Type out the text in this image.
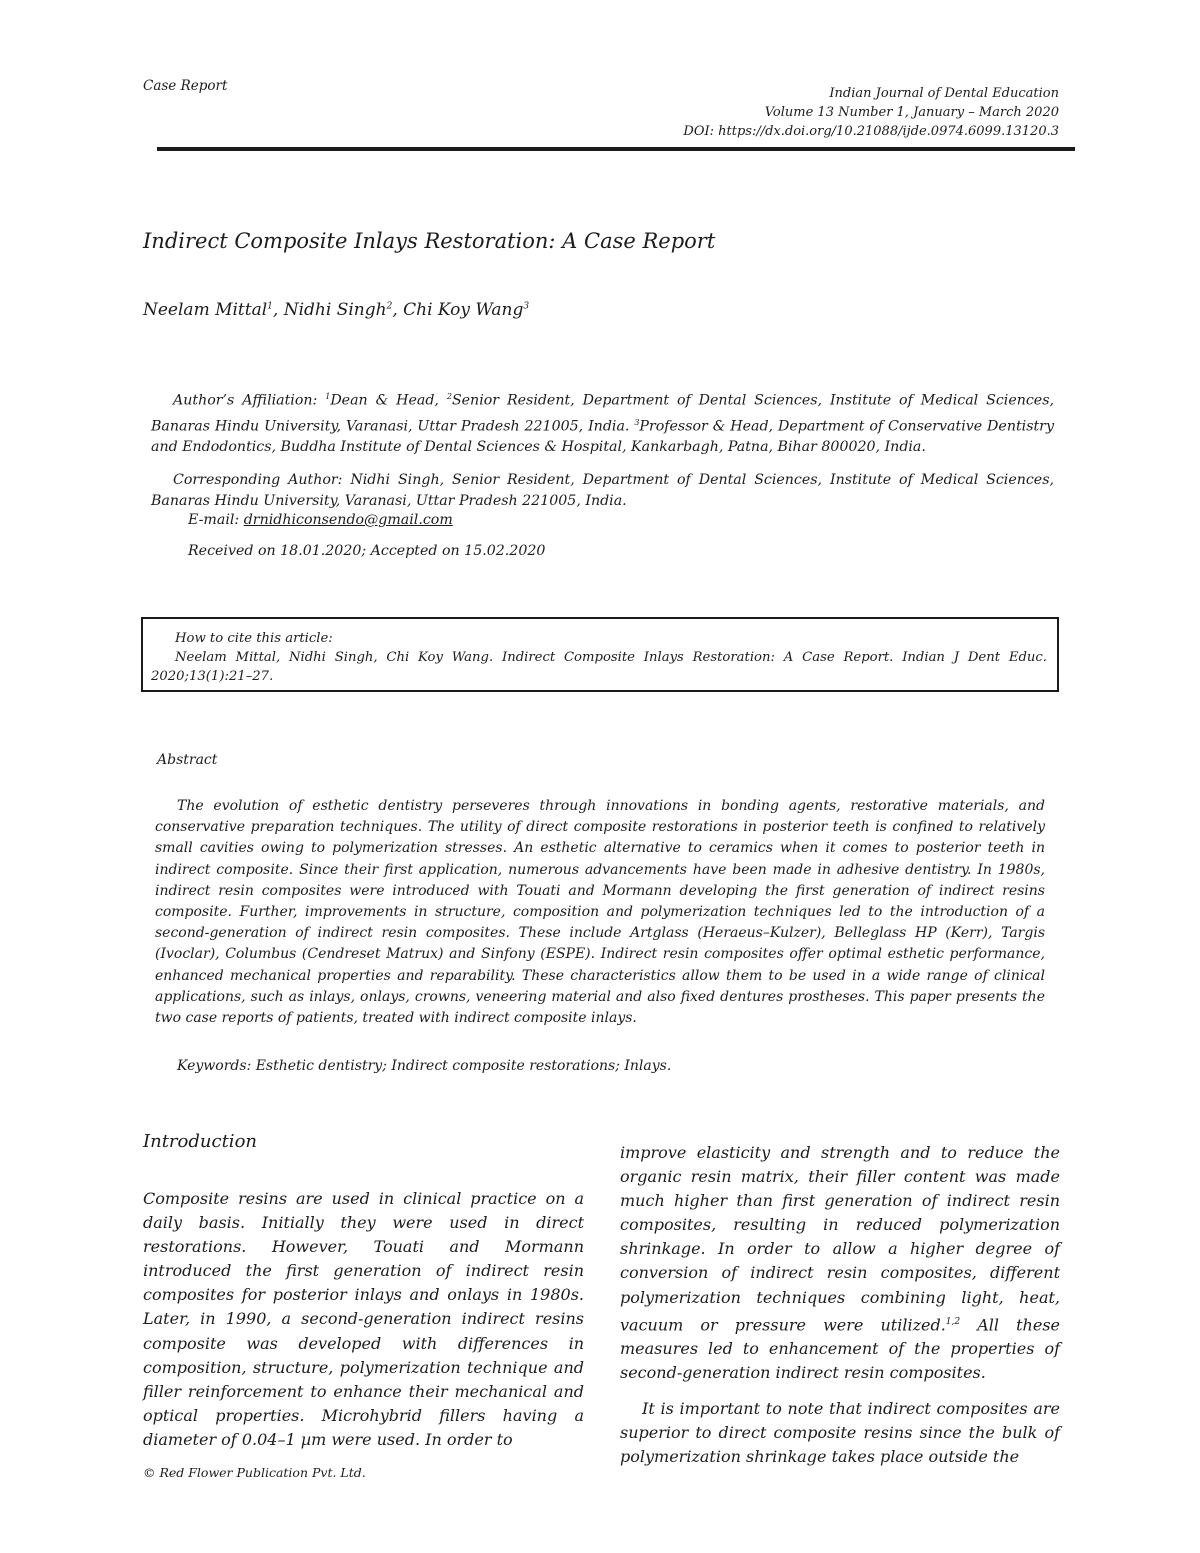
Case Report	Indian Journal of Dental Education
Volume 13 Number 1, January – March 2020
DOI: https://dx.doi.org/10.21088/ijde.0974.6099.13120.3
Indirect Composite Inlays Restoration: A Case Report
Neelam Mittal$^1$, Nidhi Singh$^2$, Chi Koy Wang$^3$

Author’s Affiliation: $^1$Dean & Head, $^2$Senior Resident, Department of Dental Sciences, Institute of Medical Sciences, Banaras Hindu University, Varanasi, Uttar Pradesh 221005, India. $^3$Professor & Head, Department of Conservative Dentistry and Endodontics, Buddha Institute of Dental Sciences & Hospital, Kankarbagh, Patna, Bihar 800020, India.

Corresponding Author: Nidhi Singh, Senior Resident, Department of Dental Sciences, Institute of Medical Sciences, Banaras Hindu University, Varanasi, Uttar Pradesh 221005, India.

E-mail: drnidhiconsendo@gmail.com
Received on 18.01.2020; Accepted on 15.02.2020
How to cite this article:
Neelam Mittal, Nidhi Singh, Chi Koy Wang. Indirect Composite Inlays Restoration: A Case Report. Indian J Dent Educ. 2020;13(1):21–27.
Abstract
The evolution of esthetic dentistry perseveres through innovations in bonding agents, restorative materials, and conservative preparation techniques. The utility of direct composite restorations in posterior teeth is confined to relatively small cavities owing to polymerization stresses. An esthetic alternative to ceramics when it comes to posterior teeth in indirect composite. Since their first application, numerous advancements have been made in adhesive dentistry. In 1980s, indirect resin composites were introduced with Touati and Mormann developing the first generation of indirect resins composite. Further, improvements in structure, composition and polymerization techniques led to the introduction of a second-generation of indirect resin composites. These include Artglass (Heraeus–Kulzer), Belleglass HP (Kerr), Targis (Ivoclar), Columbus (Cendreset Matrux) and Sinfony (ESPE). Indirect resin composites offer optimal esthetic performance, enhanced mechanical properties and reparability. These characteristics allow them to be used in a wide range of clinical applications, such as inlays, onlays, crowns, veneering material and also fixed dentures prostheses. This paper presents the two case reports of patients, treated with indirect composite inlays.
Keywords: Esthetic dentistry; Indirect composite restorations; Inlays.
Introduction

Composite resins are used in clinical practice on a daily basis. Initially they were used in direct restorations. However, Touati and Mormann introduced the first generation of indirect resin composites for posterior inlays and onlays in 1980s. Later, in 1990, a second-generation indirect resins composite was developed with differences in composition, structure, polymerization technique and filler reinforcement to enhance their mechanical and optical properties. Microhybrid fillers having a diameter of 0.04–1 µm were used. In order to

improve elasticity and strength and to reduce the organic resin matrix, their filler content was made much higher than first generation of indirect resin composites, resulting in reduced polymerization shrinkage. In order to allow a higher degree of conversion of indirect resin composites, different polymerization techniques combining light, heat, vacuum or pressure were utilized.$^{1,2}$ All these measures led to enhancement of the properties of second-generation indirect resin composites.

It is important to note that indirect composites are superior to direct composite resins since the bulk of polymerization shrinkage takes place outside the

© Red Flower Publication Pvt. Ltd.
